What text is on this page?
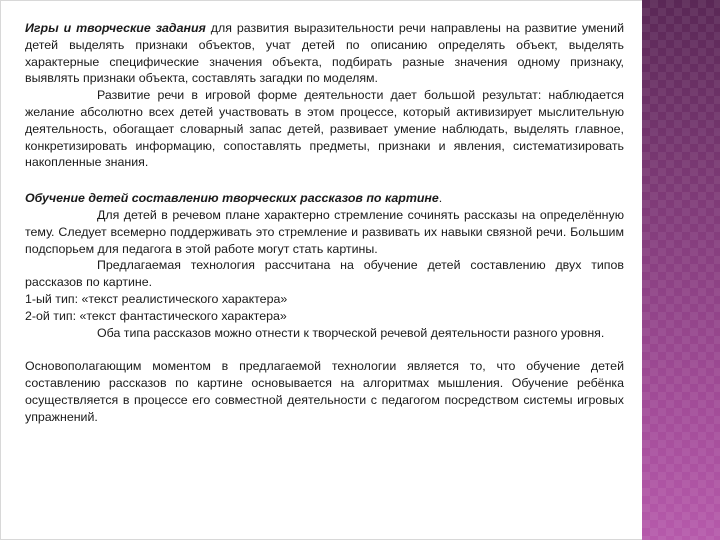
Игры и творческие задания для развития выразительности речи направлены на развитие умений детей выделять признаки объектов, учат детей по описанию определять объект, выделять характерные специфические значения объекта, подбирать разные значения одному признаку, выявлять признаки объекта, составлять загадки по моделям.

Развитие речи в игровой форме деятельности дает большой результат: наблюдается желание абсолютно всех детей участвовать в этом процессе, который активизирует мыслительную деятельность, обогащает словарный запас детей, развивает умение наблюдать, выделять главное, конкретизировать информацию, сопоставлять предметы, признаки и явления, систематизировать накопленные знания.

Обучение детей составлению творческих рассказов по картине.

Для детей в речевом плане характерно стремление сочинять рассказы на определённую тему. Следует всемерно поддерживать это стремление и развивать их навыки связной речи. Большим подспорьем для педагога в этой работе могут стать картины.

Предлагаемая технология рассчитана на обучение детей составлению двух типов рассказов по картине.

1-ый тип: «текст реалистического характера»

2-ой тип: «текст фантастического характера»

Оба типа рассказов можно отнести к творческой речевой деятельности разного уровня.

Основополагающим моментом в предлагаемой технологии является то, что обучение детей составлению рассказов по картине основывается на алгоритмах мышления. Обучение ребёнка осуществляется в процессе его совместной деятельности с педагогом посредством системы игровых упражнений.
